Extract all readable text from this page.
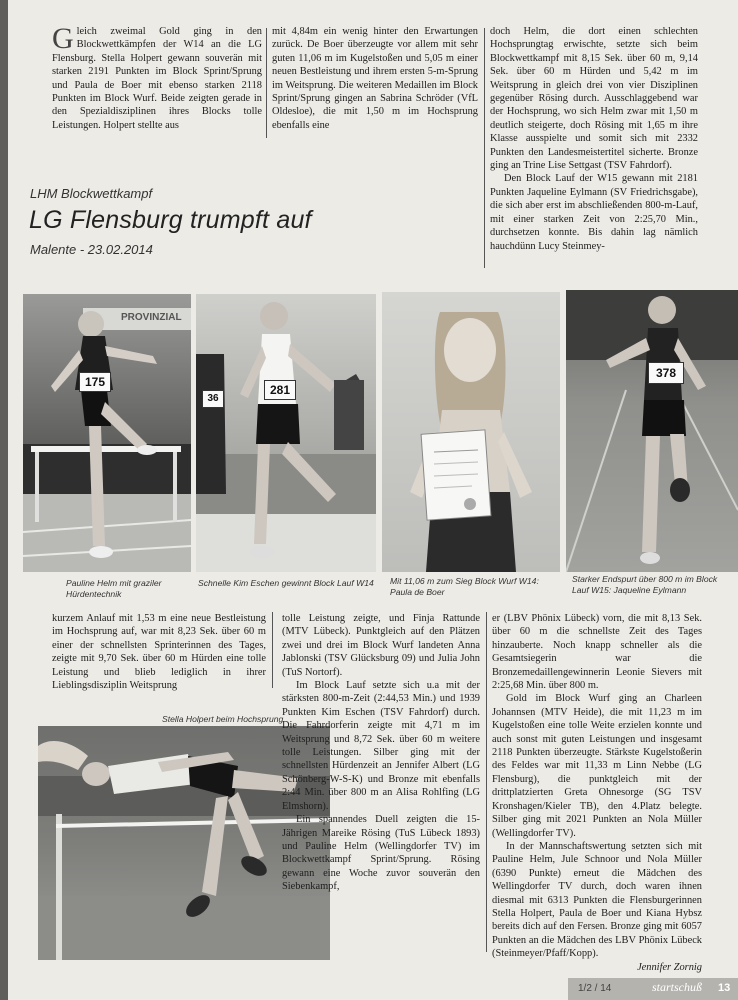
Gleich zweimal Gold ging in den Blockwettkämpfen der W14 an die LG Flensburg. Stella Holpert gewann souverän mit starken 2191 Punkten im Block Sprint/Sprung und Paula de Boer mit ebenso starken 2118 Punkten im Block Wurf. Beide zeigten gerade in den Spezialdisziplinen ihres Blocks tolle Leistungen. Holpert stellte aus

mit 4,84m ein wenig hinter den Erwartungen zurück. De Boer überzeugte vor allem mit sehr guten 11,06 m im Kugelstoßen und 5,05 m einer neuen Bestleistung und ihrem ersten 5-m-Sprung im Weitsprung. Die weiteren Medaillen im Block Sprint/Sprung gingen an Sabrina Schröder (VfL Oldesloe), die mit 1,50 m im Hochsprung ebenfalls eine

doch Helm, die dort einen schlechten Hochsprungtag erwischte, setzte sich beim Blockwettkampf mit 8,15 Sek. über 60 m, 9,14 Sek. über 60 m Hürden und 5,42 m im Weitsprung in gleich drei von vier Disziplinen gegenüber Rösing durch. Ausschlaggebend war der Hochsprung, wo sich Helm zwar mit 1,50 m deutlich steigerte, doch Rösing mit 1,65 m ihre Klasse ausspielte und somit sich mit 2332 Punkten den Landesmeistertitel sicherte. Bronze ging an Trine Lise Settgast (TSV Fahrdorf).

Den Block Lauf der W15 gewann mit 2181 Punkten Jaqueline Eylmann (SV Friedrichsgabe), die sich aber erst im abschließenden 800-m-Lauf, mit einer starken Zeit von 2:25,70 Min., durchsetzen konnte. Bis dahin lag nämlich hauchdünn Lucy Steinmey-

LHM Blockwettkampf
LG Flensburg trumpft auf
Malente - 23.02.2014
175
PROVINZIAL
Pauline Helm mit graziler Hürdentechnik
281
36
Schnelle Kim Eschen gewinnt Block Lauf W14	Mit 11,06 m zum Sieg Block Wurf W14: Paula de Boer
378
Starker Endspurt über 800 m im Block Lauf W15: Jaqueline Eylmann

kurzem Anlauf mit 1,53 m eine neue Bestleistung im Hochsprung auf, war mit 8,23 Sek. über 60 m einer der schnellsten Sprinterinnen des Tages, zeigte mit 9,70 Sek. über 60 m Hürden eine tolle Leistung und blieb lediglich in ihrer Lieblingsdisziplin Weitsprung

Stella Holpert beim Hochsprung

tolle Leistung zeigte, und Finja Rattunde (MTV Lübeck). Punktgleich auf den Plätzen zwei und drei im Block Wurf landeten Anna Jablonski (TSV Glücksburg 09) und Julia John (TuS Nortorf).

Im Block Lauf setzte sich u.a mit der stärksten 800-m-Zeit (2:44,53 Min.) und 1939 Punkten Kim Eschen (TSV Fahrdorf) durch. Die Fahrdorferin zeigte mit 4,71 m im Weitsprung und 8,72 Sek. über 60 m weitere tolle Leistungen. Silber ging mit der schnellsten Hürdenzeit an Jennifer Albert (LG Schönberg-W-S-K) und Bronze mit ebenfalls 2:44 Min. über 800 m an Alisa Rohlfing (LG Elmshorn).

Ein spannendes Duell zeigten die 15-Jährigen Mareike Rösing (TuS Lübeck 1893) und Pauline Helm (Wellingdorfer TV) im Blockwettkampf Sprint/Sprung. Rösing gewann eine Woche zuvor souverän den Siebenkampf,

er (LBV Phönix Lübeck) vorn, die mit 8,13 Sek. über 60 m die schnellste Zeit des Tages hinzauberte. Noch knapp schneller als die Gesamtsiegerin war die Bronzemedaillengewinnerin Leonie Sievers mit 2:25,68 Min. über 800 m.

Gold im Block Wurf ging an Charleen Johannsen (MTV Heide), die mit 11,23 m im Kugelstoßen eine tolle Weite erzielen konnte und auch sonst mit guten Leistungen und insgesamt 2118 Punkten überzeugte. Stärkste Kugelstoßerin des Feldes war mit 11,33 m Linn Nebbe (LG Flensburg), die punktgleich mit der drittplatzierten Greta Ohnesorge (SG TSV Kronshagen/Kieler TB), den 4.Platz belegte. Silber ging mit 2021 Punkten an Nola Müller (Wellingdorfer TV).

In der Mannschaftswertung setzten sich mit Pauline Helm, Jule Schnoor und Nola Müller (6390 Punkte) erneut die Mädchen des Wellingdorfer TV durch, doch waren ihnen diesmal mit 6313 Punkten die Flensburgerinnen Stella Holpert, Paula de Boer und Kiana Hybsz bereits dich auf den Fersen. Bronze ging mit 6057 Punkten an die Mädchen des LBV Phönix Lübeck (Steinmeyer/Pfaff/Kopp).

Jennifer Zornig

1/2 / 14	startschuß 13
